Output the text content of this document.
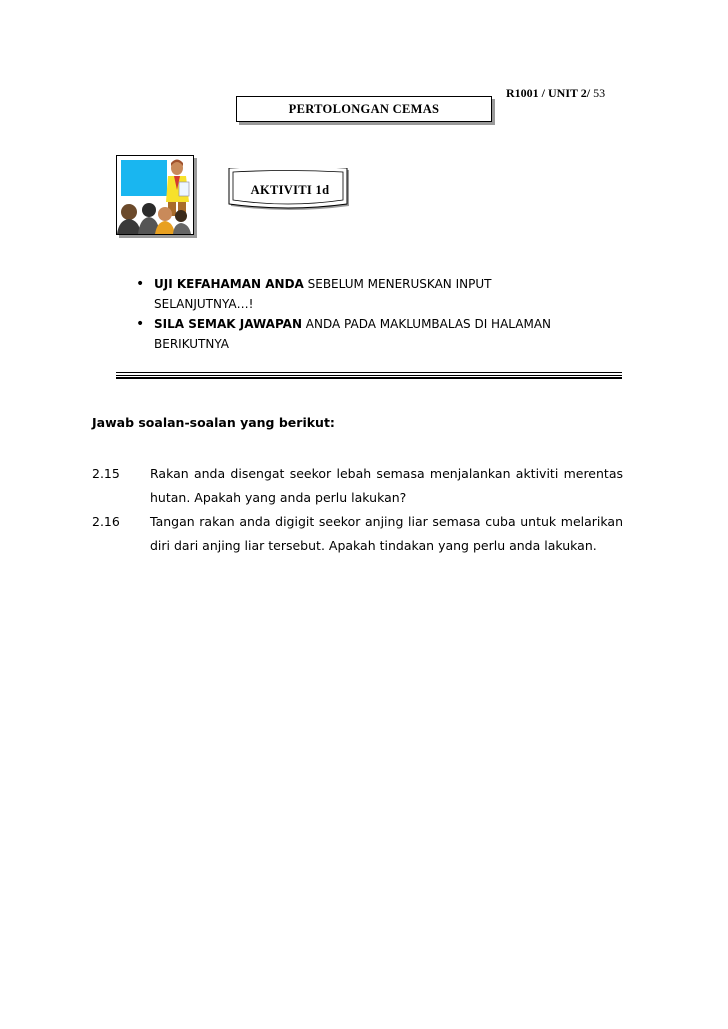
R1001 / UNIT 2/ 53
PERTOLONGAN CEMAS
AKTIVITI 1d
• UJI KEFAHAMAN ANDA SEBELUM MENERUSKAN INPUT SELANJUTNYA…!
• SILA SEMAK JAWAPAN ANDA PADA MAKLUMBALAS DI HALAMAN BERIKUTNYA
Jawab soalan-soalan yang berikut:
2.15	Rakan anda disengat seekor lebah semasa menjalankan aktiviti merentas hutan. Apakah yang anda perlu lakukan?
2.16	Tangan rakan anda digigit seekor anjing liar semasa cuba untuk melarikan diri dari anjing liar tersebut. Apakah tindakan yang perlu anda lakukan.
